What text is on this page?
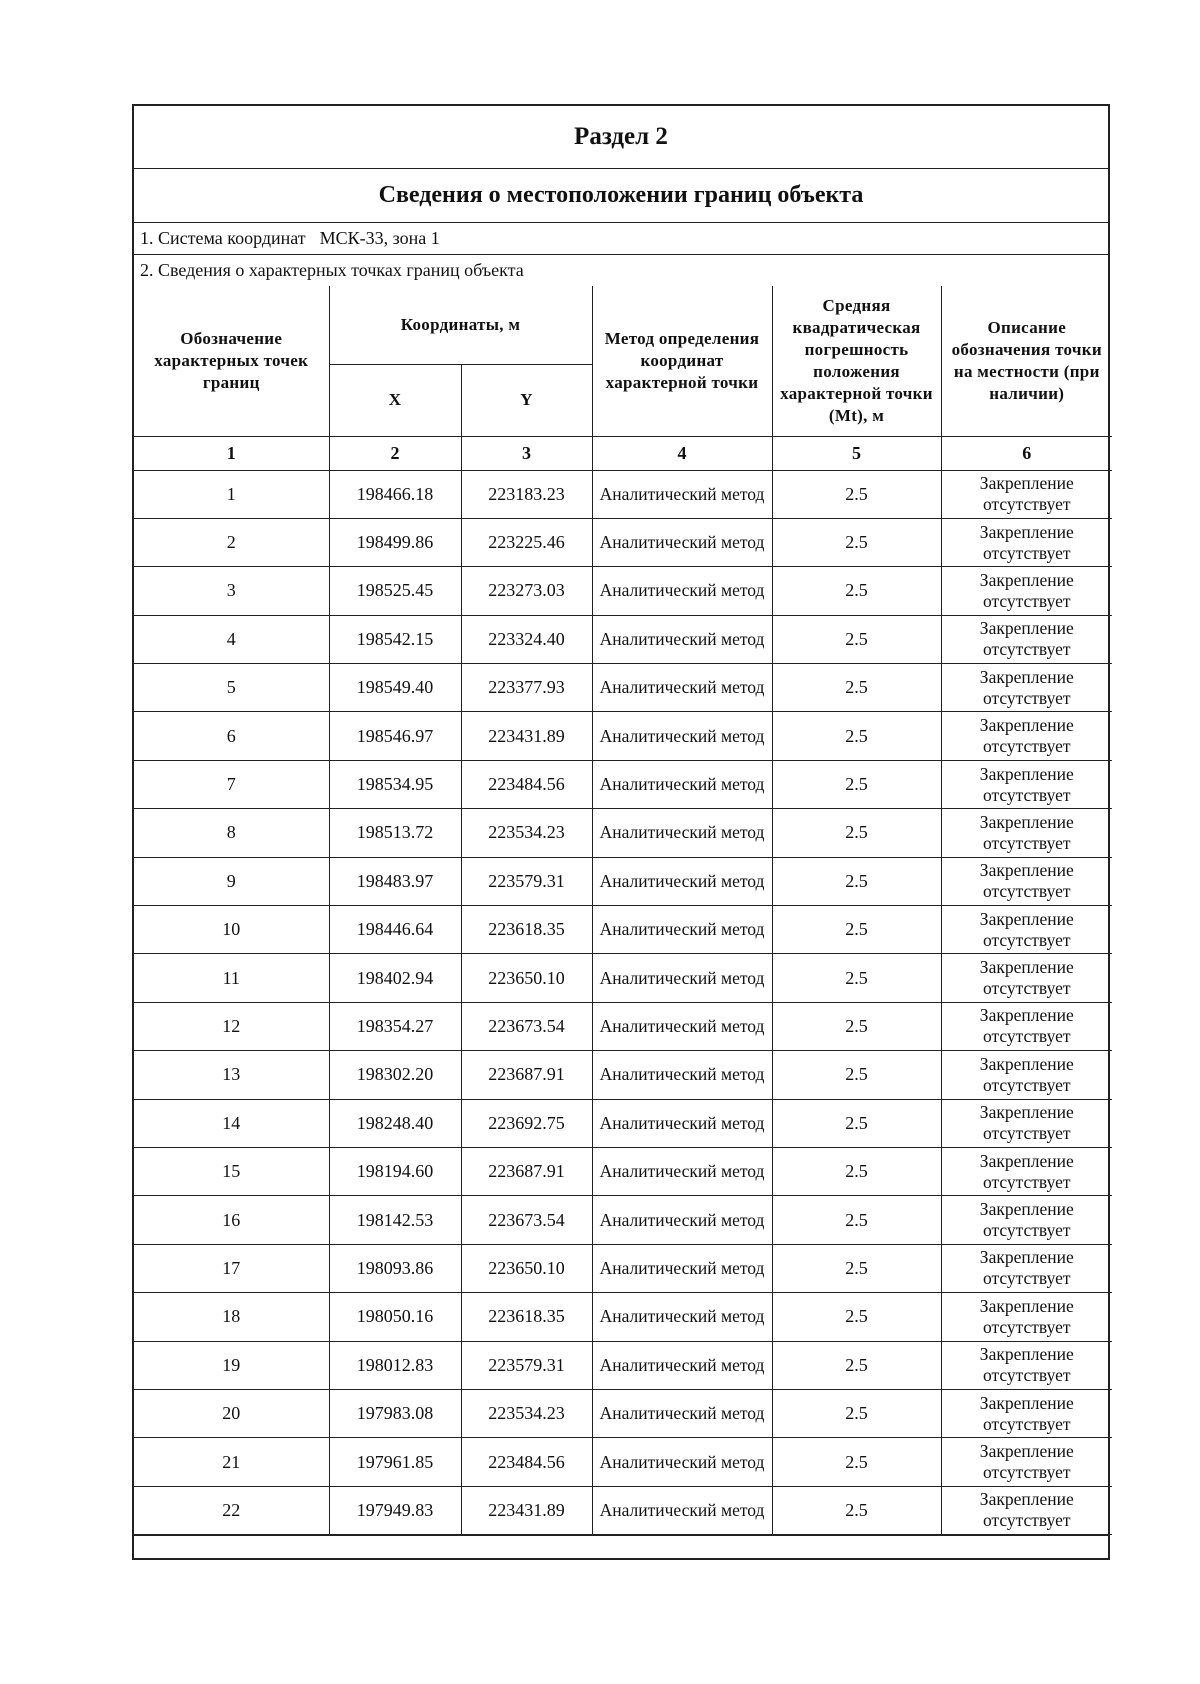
Раздел 2
Сведения о местоположении границ объекта
1. Система координат МСК-33, зона 1
2. Сведения о характерных точках границ объекта
Обозначение характерных точек границ	Координаты, м		Метод определения координат характерной точки	Средняя квадратическая погрешность положения характерной точки (Mt), м	Описание обозначения точки на местности (при наличии)
	X	Y			
1	2	3	4	5	6
1	198466.18	223183.23	Аналитический метод	2.5	Закрепление отсутствует
2	198499.86	223225.46	Аналитический метод	2.5	Закрепление отсутствует
3	198525.45	223273.03	Аналитический метод	2.5	Закрепление отсутствует
4	198542.15	223324.40	Аналитический метод	2.5	Закрепление отсутствует
5	198549.40	223377.93	Аналитический метод	2.5	Закрепление отсутствует
6	198546.97	223431.89	Аналитический метод	2.5	Закрепление отсутствует
7	198534.95	223484.56	Аналитический метод	2.5	Закрепление отсутствует
8	198513.72	223534.23	Аналитический метод	2.5	Закрепление отсутствует
9	198483.97	223579.31	Аналитический метод	2.5	Закрепление отсутствует
10	198446.64	223618.35	Аналитический метод	2.5	Закрепление отсутствует
11	198402.94	223650.10	Аналитический метод	2.5	Закрепление отсутствует
12	198354.27	223673.54	Аналитический метод	2.5	Закрепление отсутствует
13	198302.20	223687.91	Аналитический метод	2.5	Закрепление отсутствует
14	198248.40	223692.75	Аналитический метод	2.5	Закрепление отсутствует
15	198194.60	223687.91	Аналитический метод	2.5	Закрепление отсутствует
16	198142.53	223673.54	Аналитический метод	2.5	Закрепление отсутствует
17	198093.86	223650.10	Аналитический метод	2.5	Закрепление отсутствует
18	198050.16	223618.35	Аналитический метод	2.5	Закрепление отсутствует
19	198012.83	223579.31	Аналитический метод	2.5	Закрепление отсутствует
20	197983.08	223534.23	Аналитический метод	2.5	Закрепление отсутствует
21	197961.85	223484.56	Аналитический метод	2.5	Закрепление отсутствует
22	197949.83	223431.89	Аналитический метод	2.5	Закрепление отсутствует
